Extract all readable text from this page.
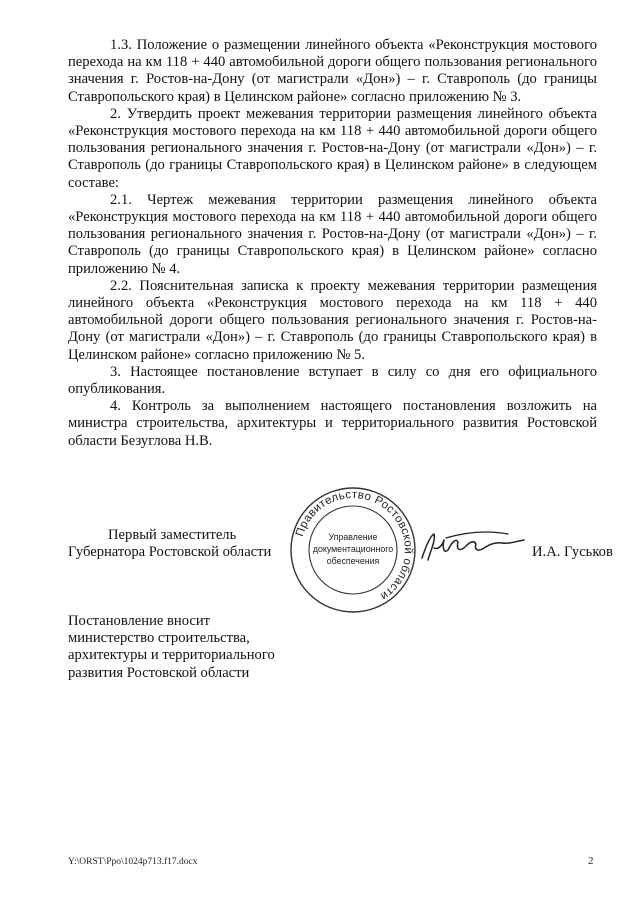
1.3. Положение о размещении линейного объекта «Реконструкция мостового перехода на км 118 + 440 автомобильной дороги общего пользования регионального значения г. Ростов-на-Дону (от магистрали «Дон») – г. Ставрополь (до границы Ставропольского края) в Целинском районе» согласно приложению № 3.

2. Утвердить проект межевания территории размещения линейного объекта «Реконструкция мостового перехода на км 118 + 440 автомобильной дороги общего пользования регионального значения г. Ростов-на-Дону (от магистрали «Дон») – г. Ставрополь (до границы Ставропольского края) в Целинском районе» в следующем составе:

2.1. Чертеж межевания территории размещения линейного объекта «Реконструкция мостового перехода на км 118 + 440 автомобильной дороги общего пользования регионального значения г. Ростов-на-Дону (от магистрали «Дон») – г. Ставрополь (до границы Ставропольского края) в Целинском районе» согласно приложению № 4.

2.2. Пояснительная записка к проекту межевания территории размещения линейного объекта «Реконструкция мостового перехода на км 118 + 440 автомобильной дороги общего пользования регионального значения г. Ростов-на-Дону (от магистрали «Дон») – г. Ставрополь (до границы Ставропольского края) в Целинском районе» согласно приложению № 5.

3. Настоящее постановление вступает в силу со дня его официального опубликования.

4. Контроль за выполнением настоящего постановления возложить на министра строительства, архитектуры и территориального развития Ростовской области Безуглова Н.В.

Первый заместитель
Губернатора Ростовской области
Правительство Ростовской области
Управление
документационного
обеспечения
И.А. Гуськов
Постановление вносит
министерство строительства,
архитектуры и территориального
развития Ростовской области
Y:\ORST\Ppo\1024p713.f17.docx	2
